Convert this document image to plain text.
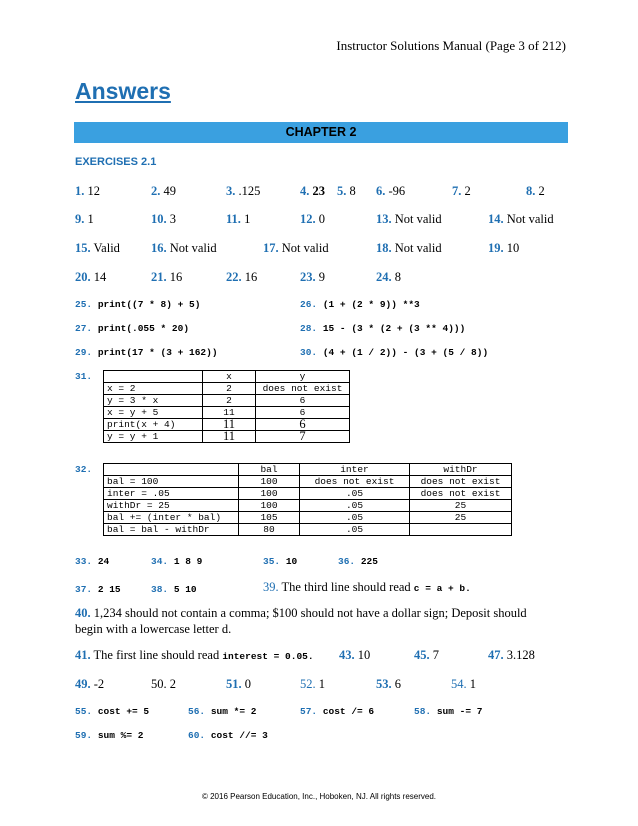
Instructor Solutions Manual (Page 3 of 212)
Answers
CHAPTER 2
EXERCISES 2.1
1. 12	2. 49	3. .125	4. 23 5. 8 6. -96	7. 2	8. 2
9. 1	10. 3	11. 1	12. 0	13. Not valid	14. Not valid
15. Valid 16. Not valid	17. Not valid	18. Not valid	19. 10
20. 14	21. 16	22. 16	23. 9	24. 8
25. print((7 * 8) + 5)	26. (1 + (2 * 9)) **3
27. print(.055 * 20)	28. 15 - (3 * (2 + (3 ** 4)))
29. print(17 * (3 + 162))	30. (4 + (1 / 2)) - (3 + (5 / 8))
31.
		x	y
x = 2	2	does not exist
y = 3 * x	2	6
x = y + 5	11	6
print(x + 4)	11	6
y = y + 1	11	7
32.
		bal	inter	withDr
bal = 100	100	does not exist	does not exist
inter = .05	100	.05	does not exist
withDr = 25	100	.05	25
bal += (inter * bal)	105	.05	25
bal = bal - withDr	80	.05	
33. 24	34. 1 8 9	35. 10	36. 225
37. 2 15	38. 5 10	39. The third line should read c = a + b.
40. 1,234 should not contain a comma; $100 should not have a dollar sign; Deposit should begin with a lowercase letter d.
41. The first line should read interest = 0.05. 43. 10	45. 7	47. 3.128
49. -2	50. 2	51. 0	52. 1	53. 6	54. 1
55. cost += 5	56. sum *= 2	57. cost /= 6	58. sum -= 7
59. sum %= 2	60. cost //= 3
© 2016 Pearson Education, Inc., Hoboken, NJ. All rights reserved.
